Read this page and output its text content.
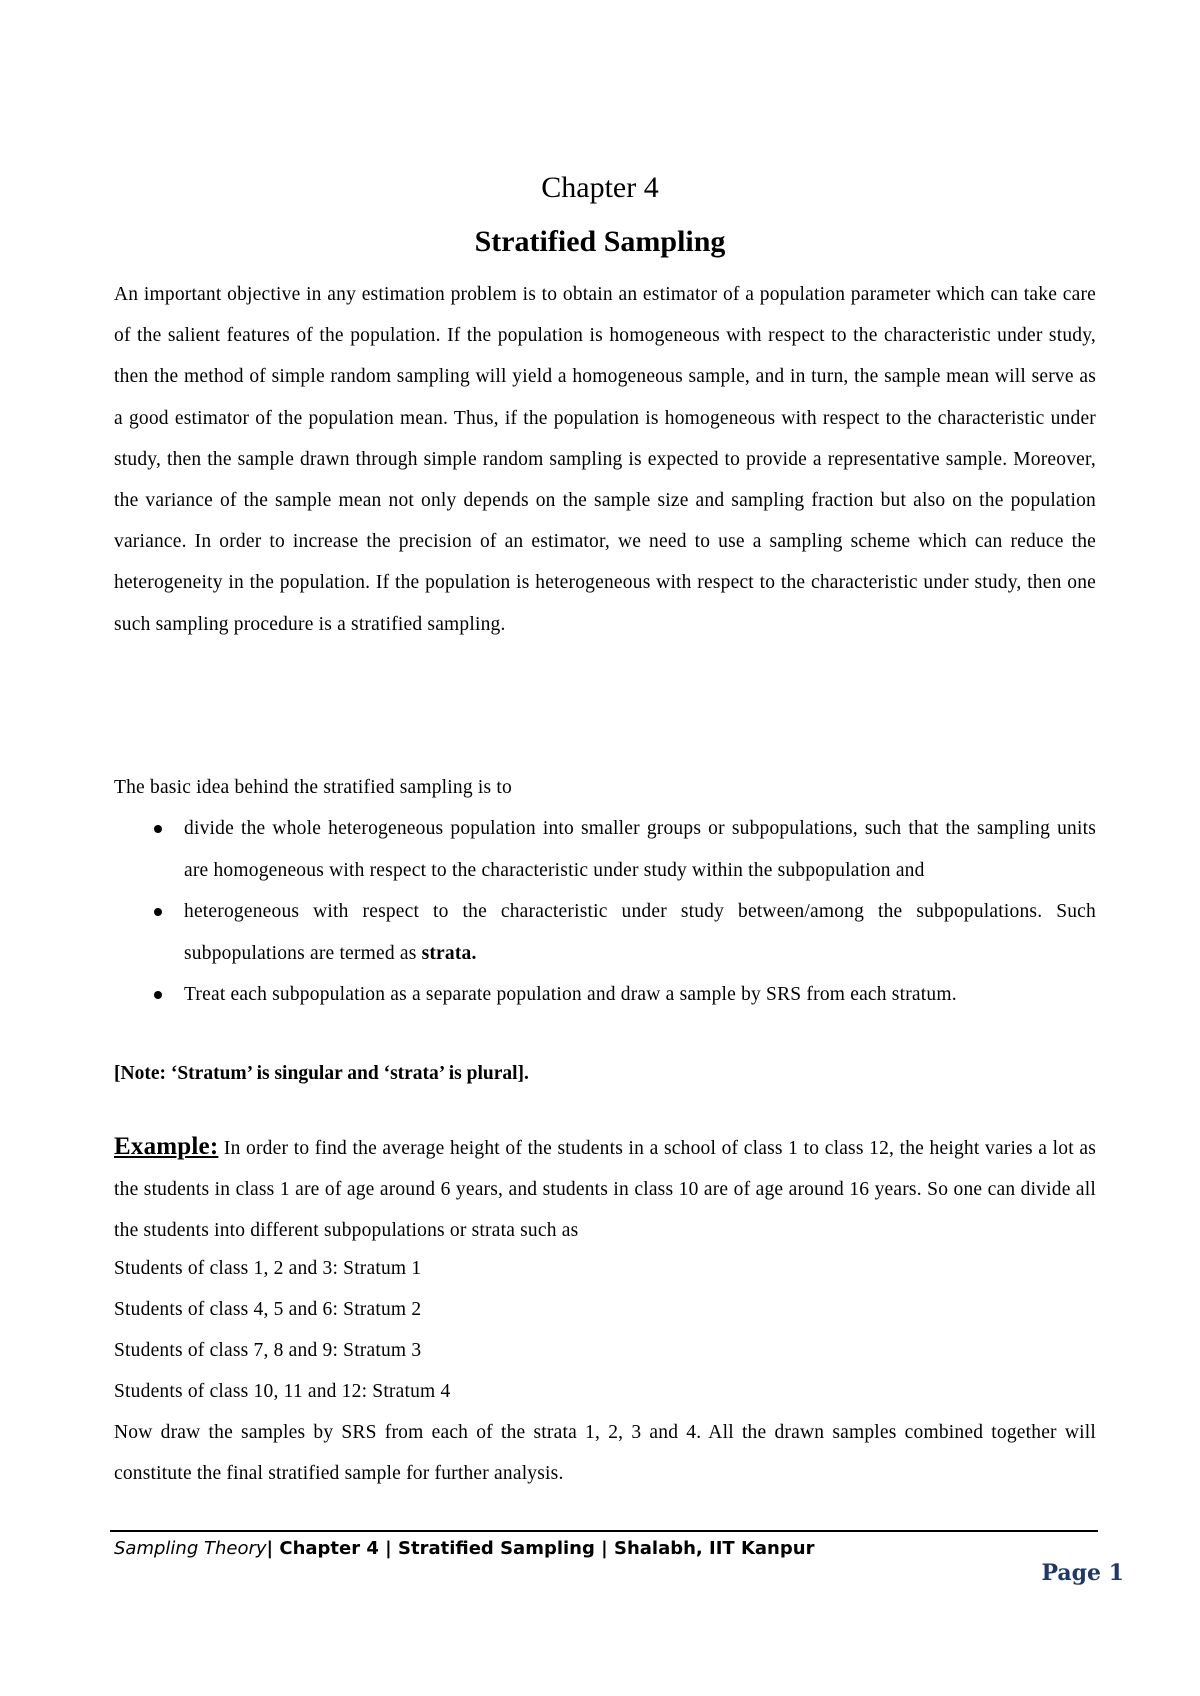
Chapter 4
Stratified Sampling
An important objective in any estimation problem is to obtain an estimator of a population parameter which can take care of the salient features of the population. If the population is homogeneous with respect to the characteristic under study, then the method of simple random sampling will yield a homogeneous sample, and in turn, the sample mean will serve as a good estimator of the population mean. Thus, if the population is homogeneous with respect to the characteristic under study, then the sample drawn through simple random sampling is expected to provide a representative sample. Moreover, the variance of the sample mean not only depends on the sample size and sampling fraction but also on the population variance. In order to increase the precision of an estimator, we need to use a sampling scheme which can reduce the heterogeneity in the population. If the population is heterogeneous with respect to the characteristic under study, then one such sampling procedure is a stratified sampling.
The basic idea behind the stratified sampling is to
divide the whole heterogeneous population into smaller groups or subpopulations, such that the sampling units are homogeneous with respect to the characteristic under study within the subpopulation and
heterogeneous with respect to the characteristic under study between/among the subpopulations. Such subpopulations are termed as strata.
Treat each subpopulation as a separate population and draw a sample by SRS from each stratum.
[Note: ‘Stratum’ is singular and ‘strata’ is plural].
Example: In order to find the average height of the students in a school of class 1 to class 12, the height varies a lot as the students in class 1 are of age around 6 years, and students in class 10 are of age around 16 years. So one can divide all the students into different subpopulations or strata such as
Students of class 1, 2 and 3: Stratum 1
Students of class 4, 5 and 6: Stratum 2
Students of class 7, 8 and 9: Stratum 3
Students of class 10, 11 and 12: Stratum 4
Now draw the samples by SRS from each of the strata 1, 2, 3 and 4. All the drawn samples combined together will constitute the final stratified sample for further analysis.
Sampling Theory| Chapter 4 | Stratified Sampling | Shalabh, IIT Kanpur
Page 1
